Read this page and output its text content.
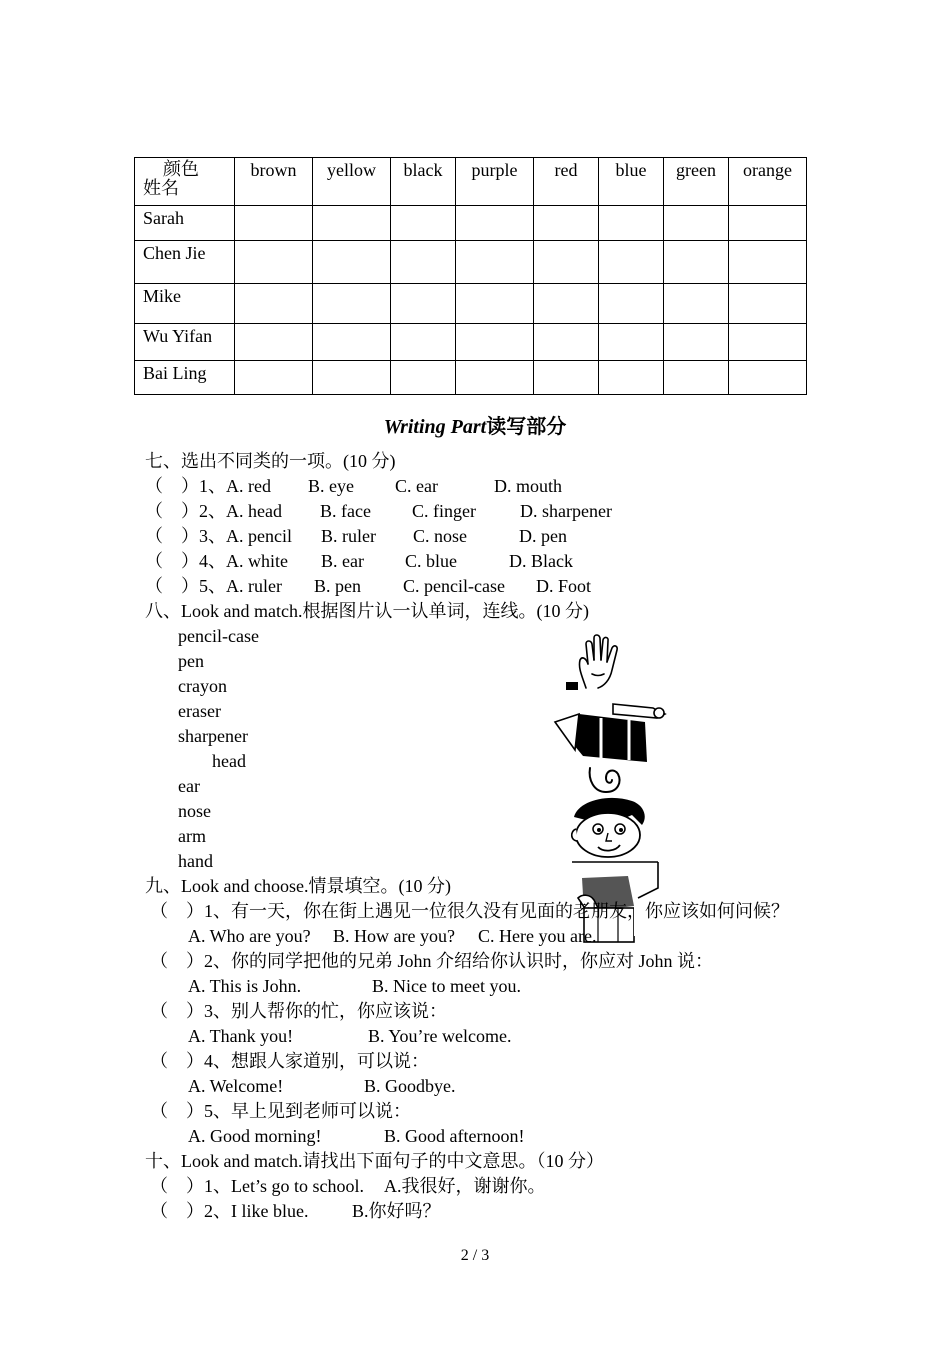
颜色
姓名	brown	yellow	black	purple	red	blue	green	orange
Sarah								
Chen Jie								
Mike								
Wu Yifan								
Bai Ling								
Writing Part读写部分
七、选出不同类的一项。(10 分)
（　）1、A. red B. eye C. ear	D. mouth
（　）2、A. head B. face C. finger D. sharpener
（　）3、A. pencil B. ruler C. nose	D. pen
（　）4、A. white B. ear C. blue	D. Black
（　）5、A. ruler B. pen C. pencil-case D. Foot
八、Look and match.根据图片认一认单词，连线。(10 分)
pencil-case
pen
crayon
eraser
sharpener
head
ear
nose
arm
hand
九、Look and choose.情景填空。(10 分)
（　）1、有一天，你在街上遇见一位很久没有见面的老朋友，你应该如何问候？
A. Who are you? B. How are you? C. Here you are.
（　）2、你的同学把他的兄弟 John 介绍给你认识时，你应对 John 说：
A. This is John.	B. Nice to meet you.
（　）3、别人帮你的忙，你应该说：
A. Thank you!	B. You’re welcome.
（　）4、想跟人家道别，可以说：
A. Welcome!	B. Goodbye.
（　）5、早上见到老师可以说：
A. Good morning!	B. Good afternoon!
十、Look and match.请找出下面句子的中文意思。（10 分）
（　）1、Let’s go to school. A.我很好，谢谢你。
（　）2、I like blue. B.你好吗？
2 / 3
